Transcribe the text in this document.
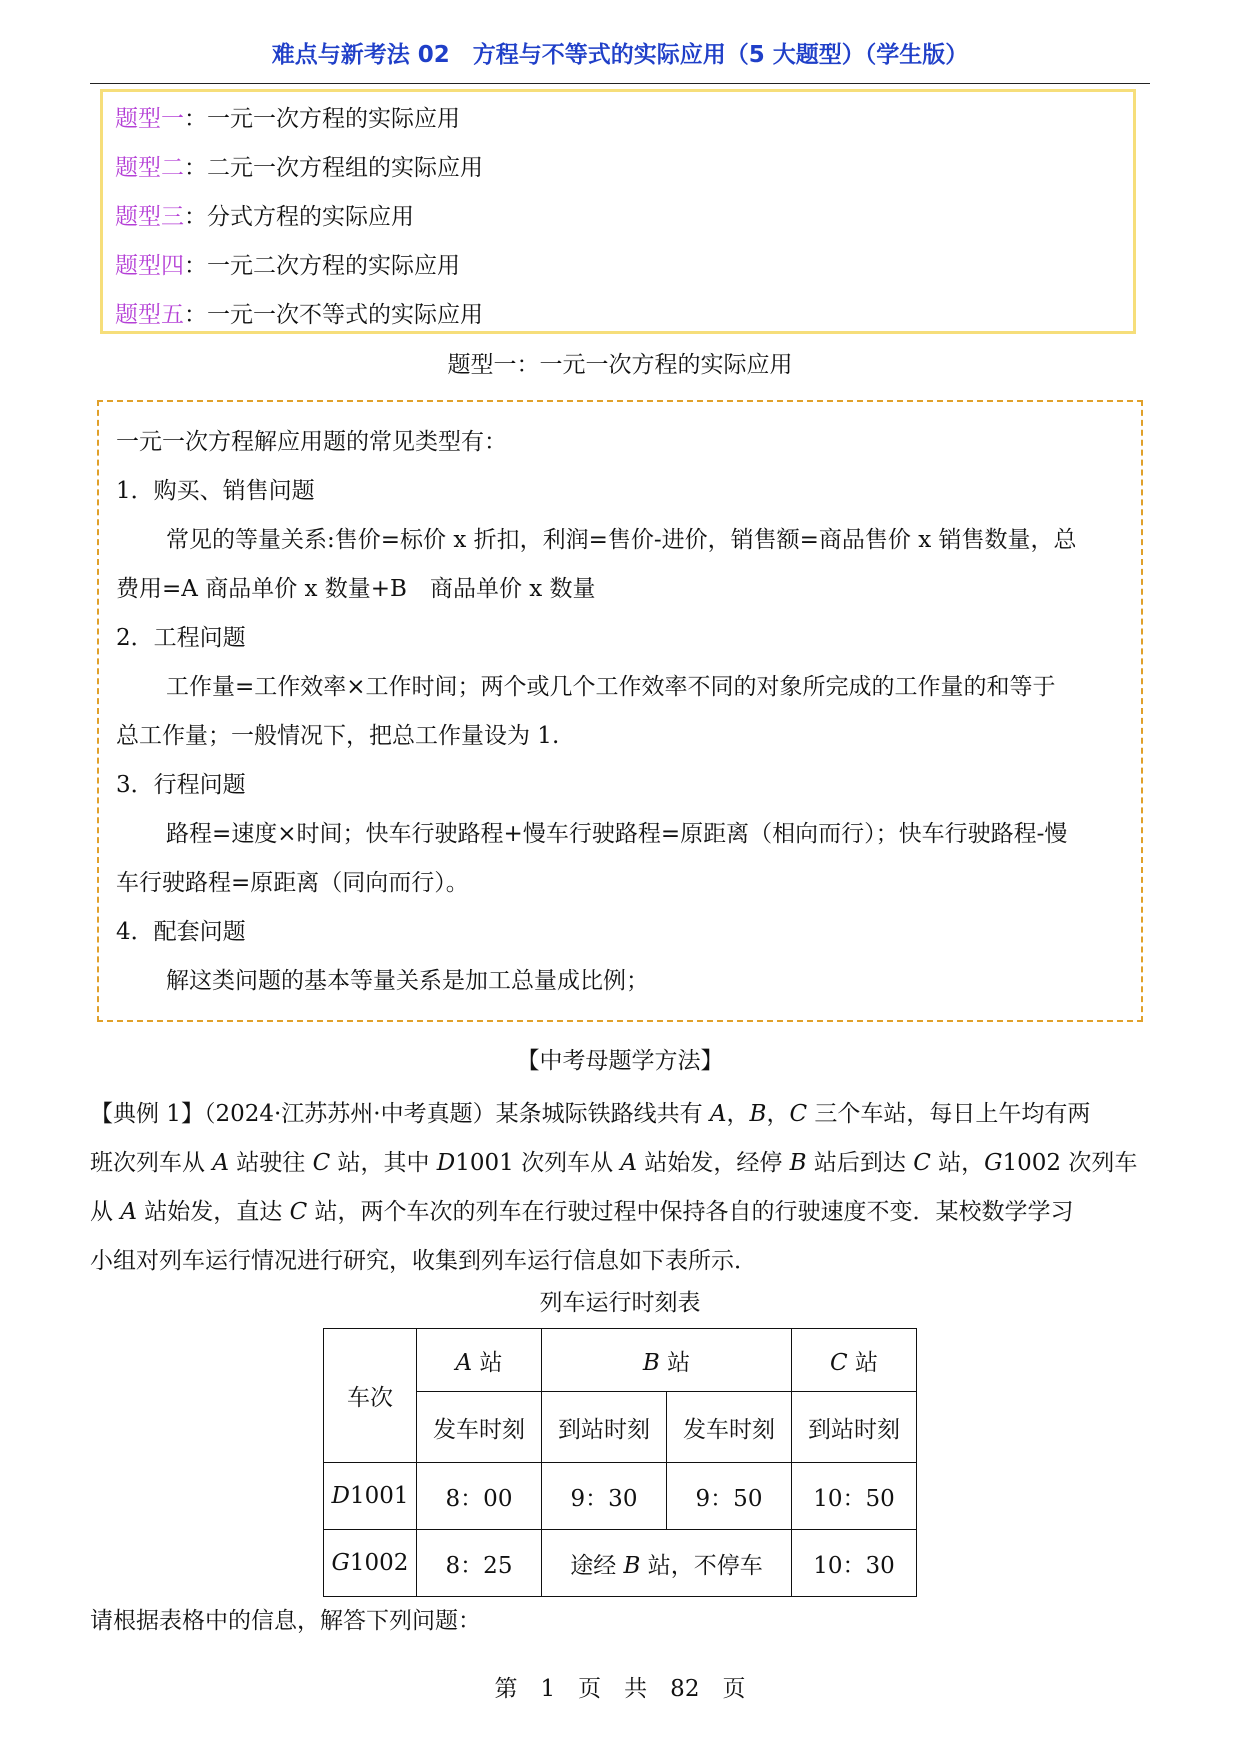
难点与新考法 02　方程与不等式的实际应用（5 大题型）（学生版）
题型一：一元一次方程的实际应用
题型二：二元一次方程组的实际应用
题型三：分式方程的实际应用
题型四：一元二次方程的实际应用
题型五：一元一次不等式的实际应用
题型一：一元一次方程的实际应用
一元一次方程解应用题的常见类型有：
1．购买、销售问题
常见的等量关系:售价=标价 x 折扣，利润=售价-进价，销售额=商品售价 x 销售数量，总
费用=A 商品单价 x 数量+B　商品单价 x 数量
2．工程问题
工作量=工作效率×工作时间；两个或几个工作效率不同的对象所完成的工作量的和等于
总工作量；一般情况下，把总工作量设为 1.
3．行程问题
路程=速度×时间；快车行驶路程+慢车行驶路程=原距离（相向而行）；快车行驶路程-慢
车行驶路程=原距离（同向而行）。
4．配套问题
解这类问题的基本等量关系是加工总量成比例；
【中考母题学方法】
【典例 1】（2024·江苏苏州·中考真题）某条城际铁路线共有 A，B，C 三个车站，每日上午均有两
班次列车从 A 站驶往 C 站，其中 D1001 次列车从 A 站始发，经停 B 站后到达 C 站，G1002 次列车
从 A 站始发，直达 C 站，两个车次的列车在行驶过程中保持各自的行驶速度不变．某校数学学习
小组对列车运行情况进行研究，收集到列车运行信息如下表所示．
列车运行时刻表
车次	A 站	B 站		C 站
	发车时刻	到站时刻	发车时刻	到站时刻
D1001	8：00	9：30	9：50	10：50
G1002	8：25	途经 B 站，不停车		10：30
请根据表格中的信息，解答下列问题：
第　1　页　共　82　页
